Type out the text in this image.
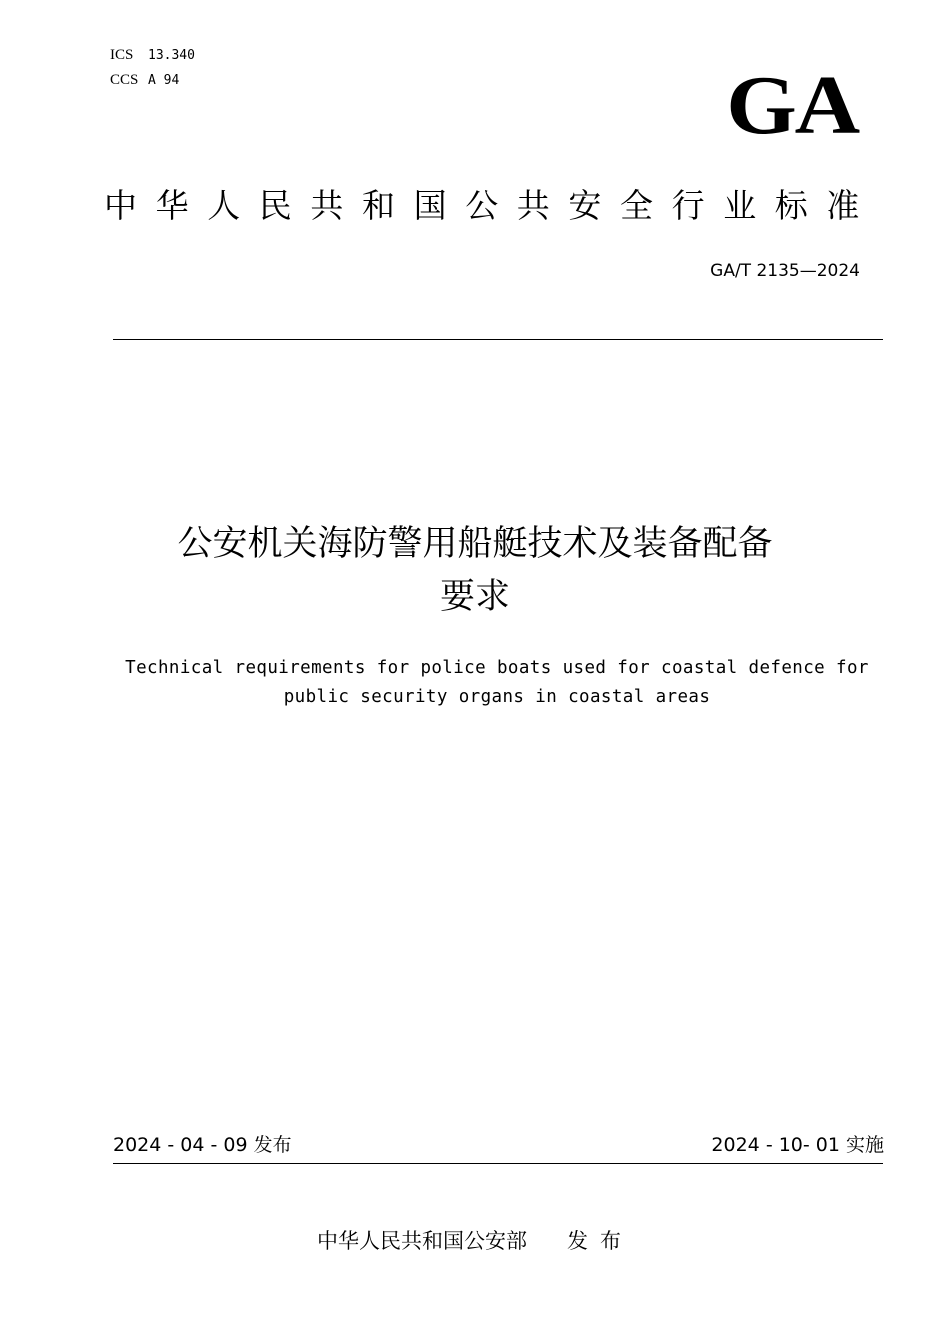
ICS 13.340
CCS A 94	GA
中华人民共和国公共安全行业标准
GA/T 2135—2024
公安机关海防警用船艇技术及装备配备
要求
Technical requirements for police boats used for coastal defence for
public security organs in coastal areas
2024 - 04 - 09 发布	2024 - 10- 01 实施
中华人民共和国公安部 发布
